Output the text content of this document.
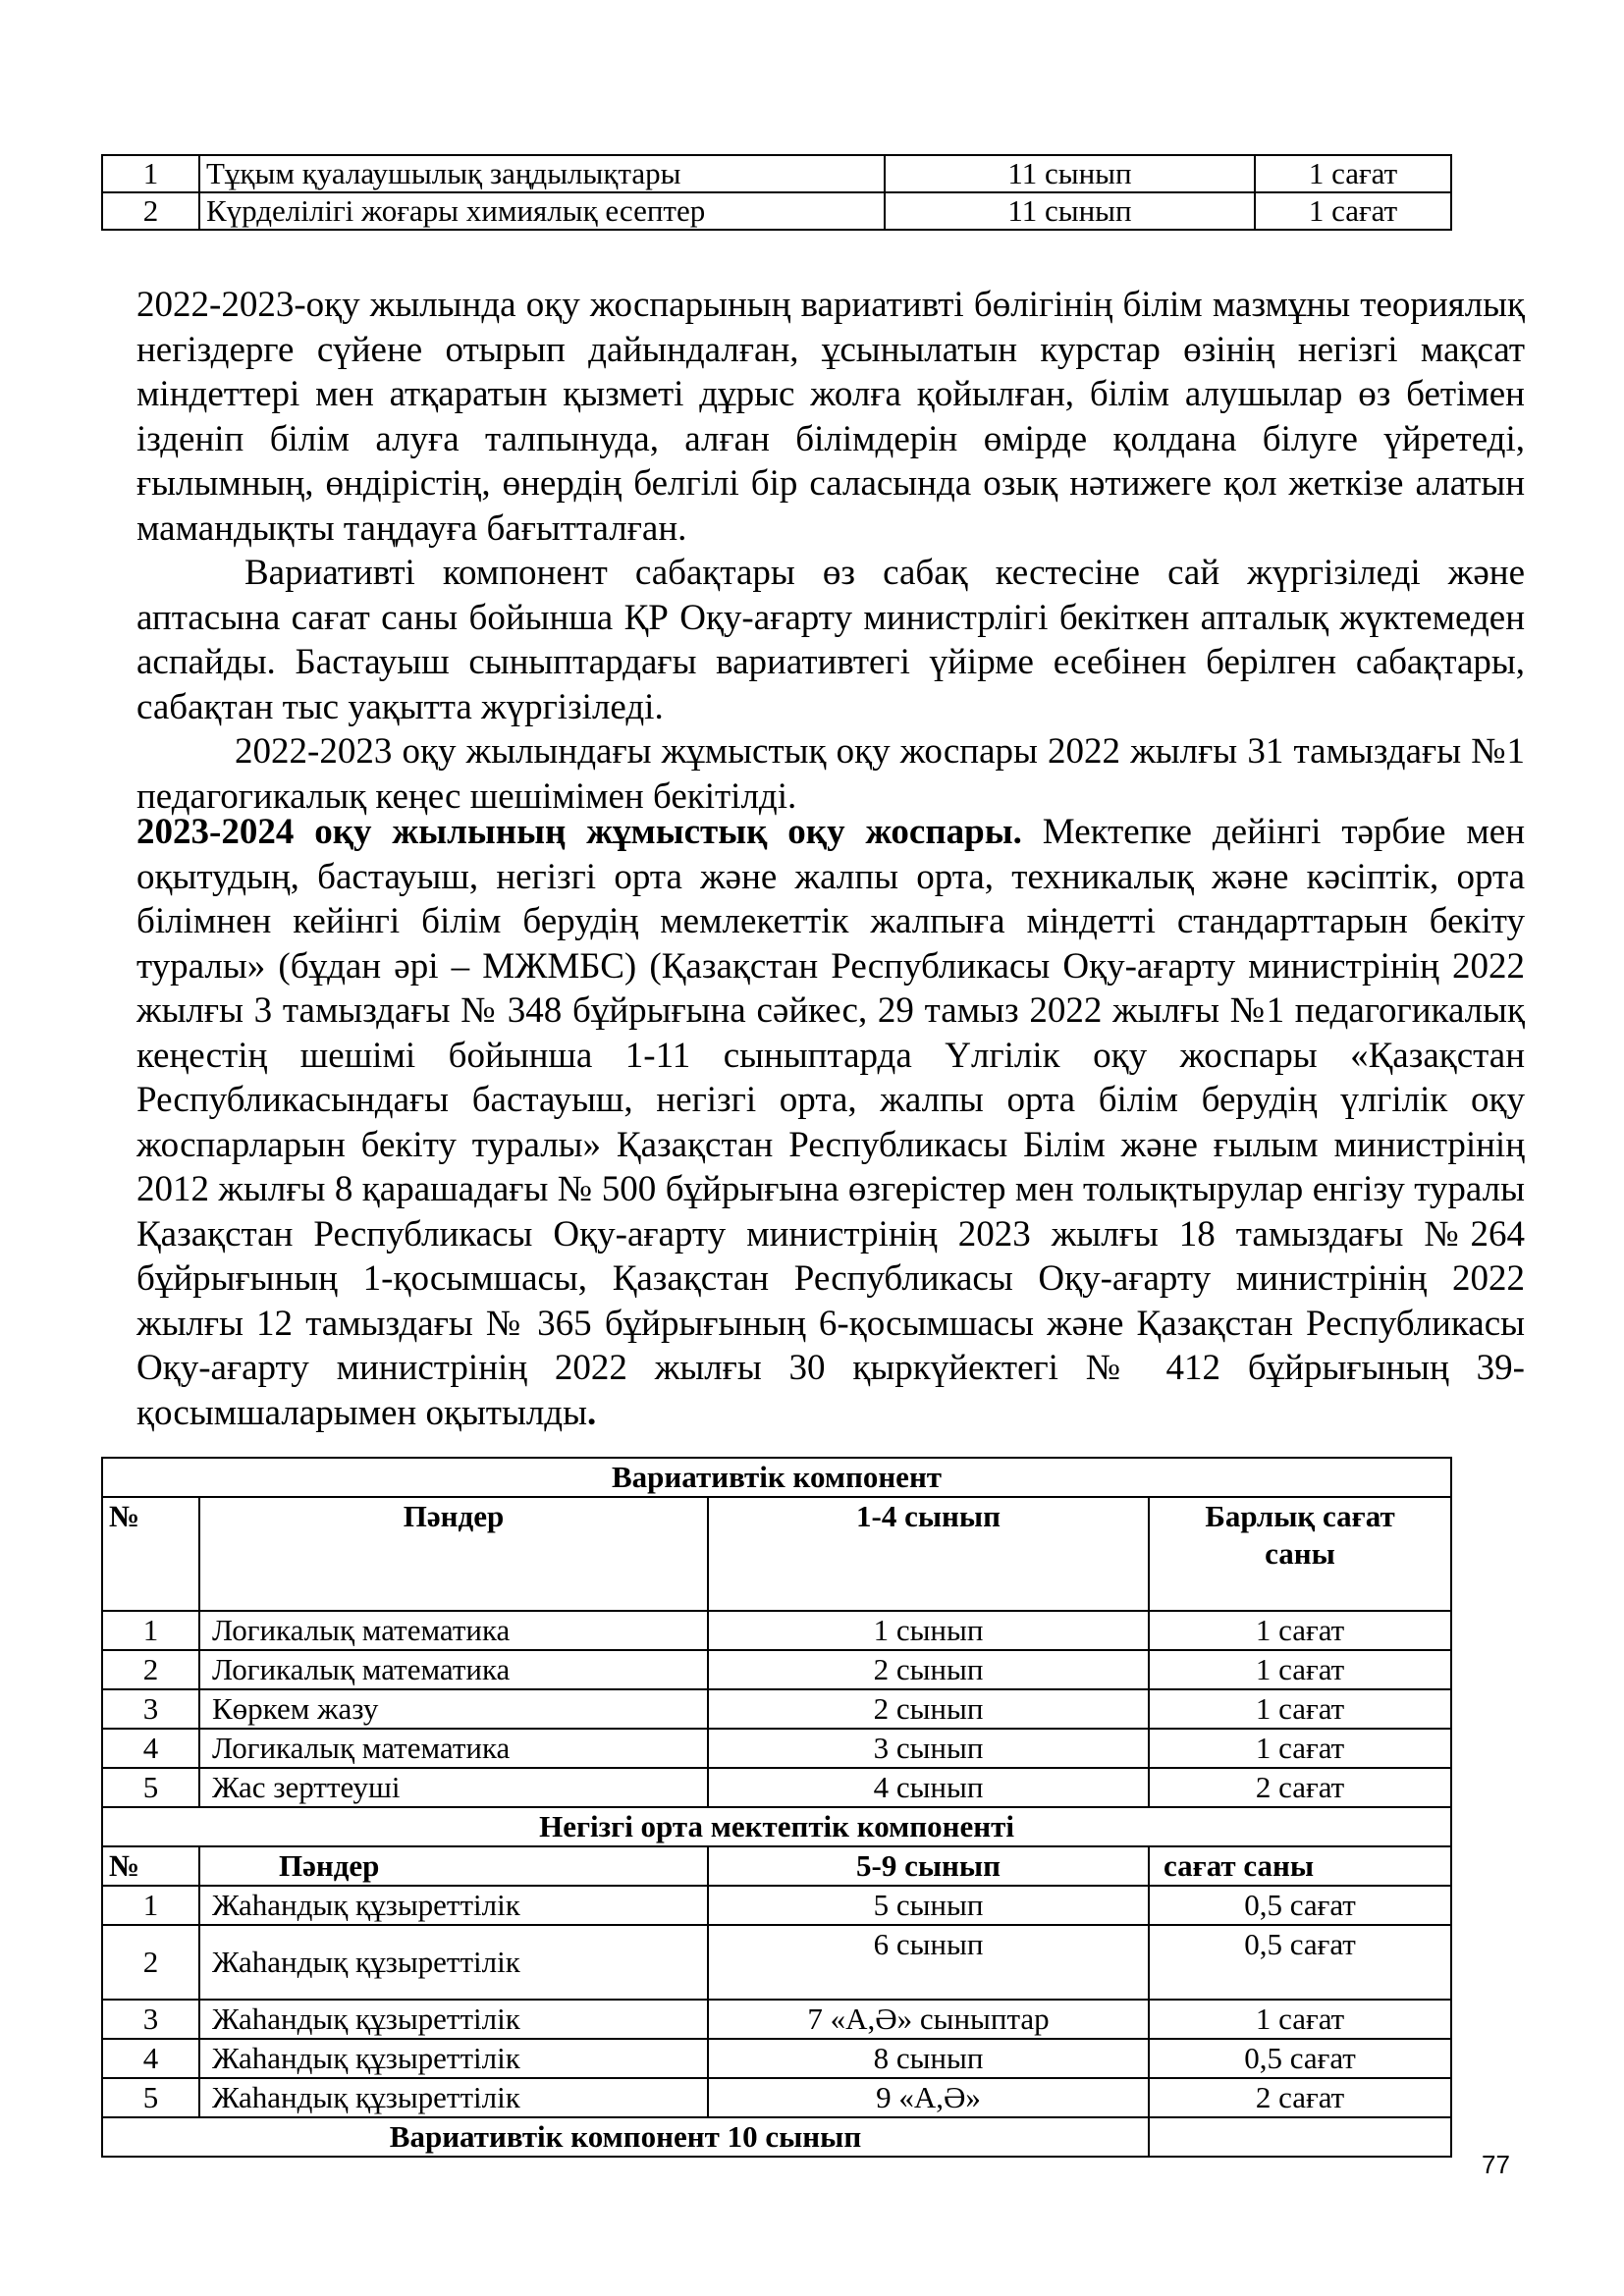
1	Тұқым қуалаушылық заңдылықтары	11 сынып	1 сағат
2	Күрделілігі жоғары химиялық есептер	11 сынып	1 сағат

2022-2023-оқу жылында оқу жоспарының вариативті бөлігінің білім мазмұны теориялық негіздерге сүйене отырып дайындалған, ұсынылатын курстар өзінің негізгі мақсат міндеттері мен атқаратын қызметі дұрыс жолға қойылған, білім алушылар өз бетімен ізденіп білім алуға талпынуда, алған білімдерін өмірде қолдана білуге үйретеді, ғылымның, өндірістің, өнердің белгілі бір саласында озық нәтижеге қол жеткізе алатын мамандықты таңдауға бағытталған.

Вариативті компонент сабақтары өз сабақ кестесіне сай жүргізіледі және аптасына сағат саны бойынша ҚР Оқу-ағарту министрлігі бекіткен апталық жүктемеден аспайды. Бастауыш сыныптардағы вариативтегі үйірме есебінен берілген сабақтары, сабақтан тыс уақытта жүргізіледі.

2022-2023 оқу жылындағы жұмыстық оқу жоспары 2022 жылғы 31 тамыздағы №1 педагогикалық кеңес шешімімен бекітілді.

2023-2024 оқу жылының жұмыстық оқу жоспары. Мектепке дейінгі тәрбие мен оқытудың, бастауыш, негізгі орта және жалпы орта, техникалық және кәсіптік, орта білімнен кейінгі білім берудің мемлекеттік жалпыға міндетті стандарттарын бекіту туралы» (бұдан әрі – МЖМБС) (Қазақстан Республикасы Оқу-ағарту министрінің 2022 жылғы 3 тамыздағы № 348 бұйрығына сәйкес, 29 тамыз 2022 жылғы №1 педагогикалық кеңестің шешімі бойынша 1-11 сыныптарда Үлгілік оқу жоспары «Қазақстан Республикасындағы бастауыш, негізгі орта, жалпы орта білім берудің үлгілік оқу жоспарларын бекіту туралы» Қазақстан Республикасы Білім және ғылым министрінің 2012 жылғы 8 қарашадағы № 500 бұйрығына өзгерістер мен толықтырулар енгізу туралы Қазақстан Республикасы Оқу-ағарту министрінің 2023 жылғы 18 тамыздағы №264 бұйрығының 1-қосымшасы, Қазақстан Республикасы Оқу-ағарту министрінің 2022 жылғы 12 тамыздағы № 365 бұйрығының 6-қосымшасы және Қазақстан Республикасы Оқу-ағарту министрінің 2022 жылғы 30 қыркүйектегі № 412 бұйрығының 39-қосымшаларымен оқытылды.

Вариативтік компонент			
№	Пәндер	1-4 сынып	Барлық сағат саны
1	Логикалық математика	1 сынып	1 сағат
2	Логикалық математика	2 сынып	1 сағат
3	Көркем жазу	2 сынып	1 сағат
4	Логикалық математика	3 сынып	1 сағат
5	Жас зерттеуші	4 сынып	2 сағат
Негізгі орта мектептік компоненті			
№	Пәндер	5-9 сынып	сағат саны
1	Жаһандық құзыреттілік	5 сынып	0,5 сағат
2	Жаһандық құзыреттілік	6 сынып	0,5 сағат
3	Жаһандық құзыреттілік	7 «А,Ә» сыныптар	1 сағат
4	Жаһандық құзыреттілік	8 сынып	0,5 сағат
5	Жаһандық құзыреттілік	9 «А,Ә»	2 сағат
Вариативтік компонент 10 сынып			
77
